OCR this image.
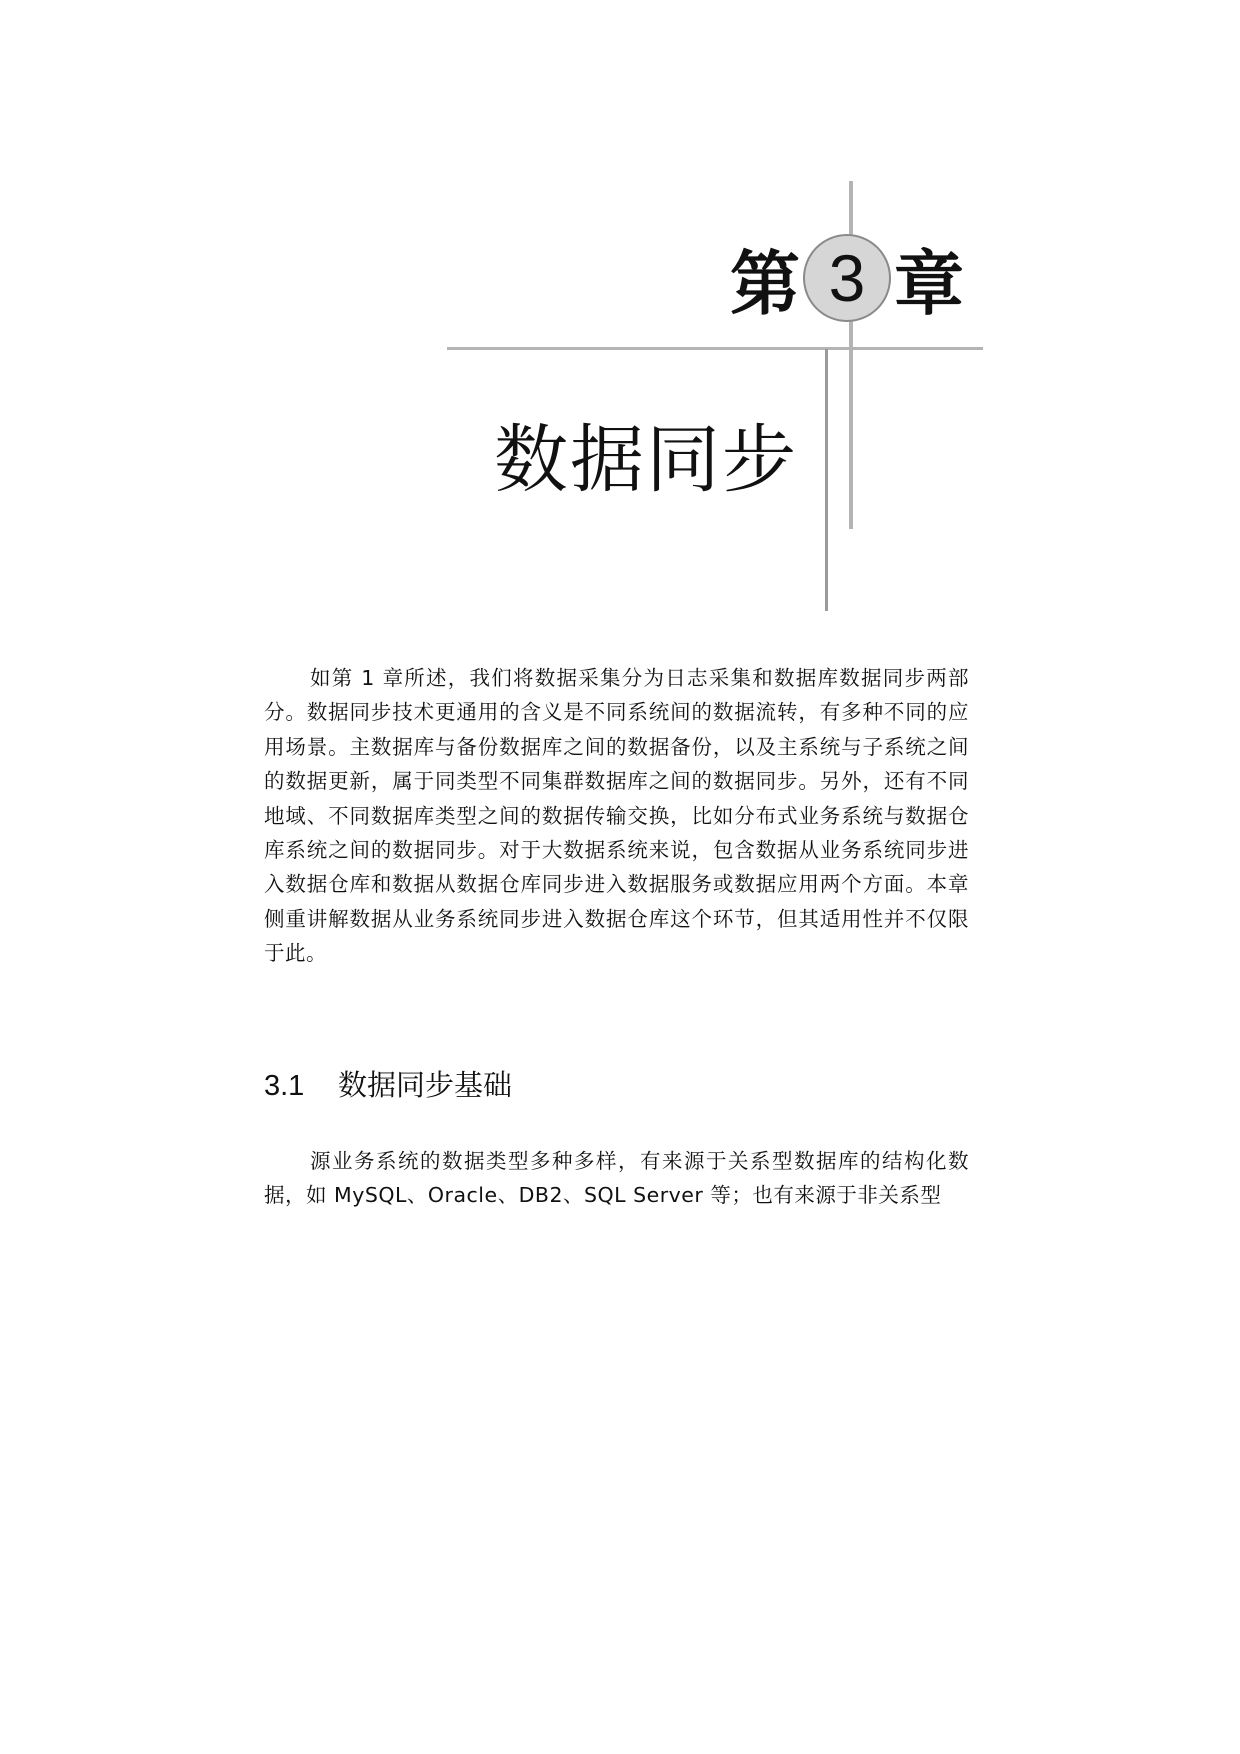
第 3 章
数据同步

如第 1 章所述，我们将数据采集分为日志采集和数据库数据同步两部分。数据同步技术更通用的含义是不同系统间的数据流转，有多种不同的应用场景。主数据库与备份数据库之间的数据备份，以及主系统与子系统之间的数据更新，属于同类型不同集群数据库之间的数据同步。另外，还有不同地域、不同数据库类型之间的数据传输交换，比如分布式业务系统与数据仓库系统之间的数据同步。对于大数据系统来说，包含数据从业务系统同步进入数据仓库和数据从数据仓库同步进入数据服务或数据应用两个方面。本章侧重讲解数据从业务系统同步进入数据仓库这个环节，但其适用性并不仅限于此。

3.1 数据同步基础

源业务系统的数据类型多种多样，有来源于关系型数据库的结构化数据，如 MySQL、Oracle、DB2、SQL Server 等；也有来源于非关系型
